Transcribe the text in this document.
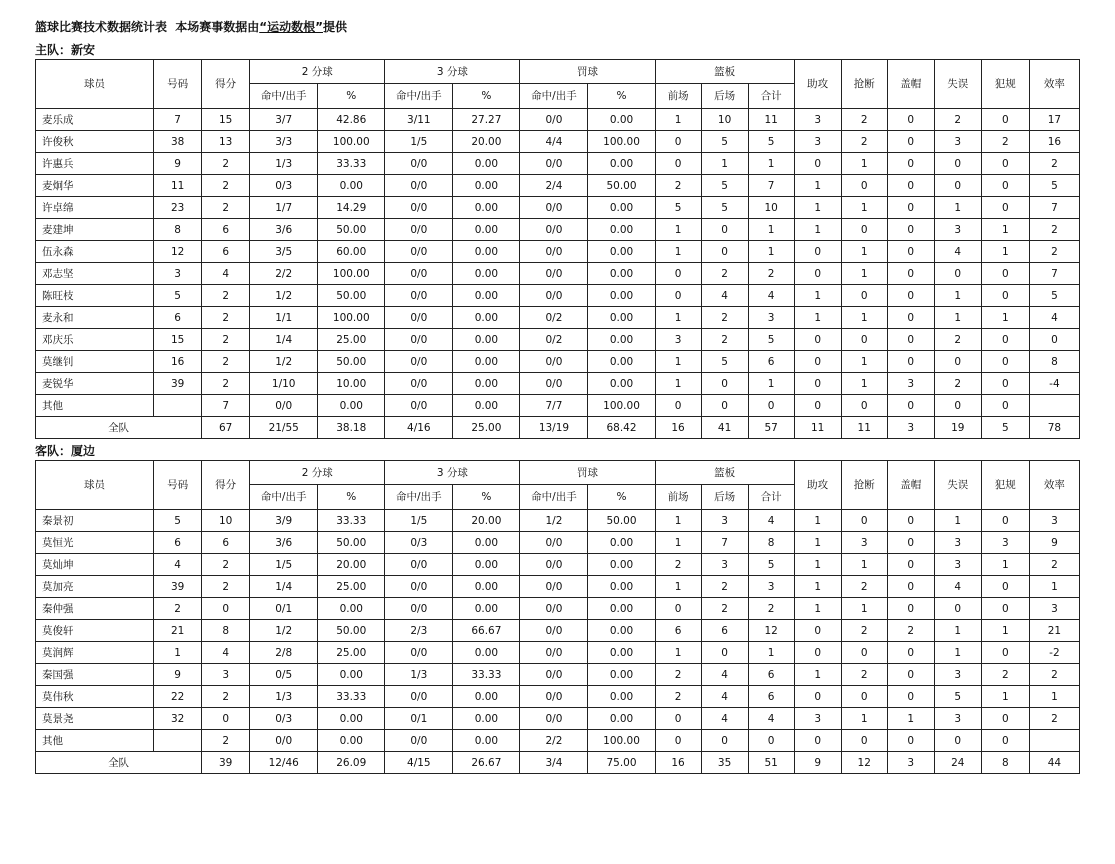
篮球比赛技术数据统计表 本场赛事数据由“运动数根”提供
主队：新安
球员	号码	得分	2 分球		3 分球		罚球		篮板			助攻	抢断	盖帽	失误	犯规	效率
			命中/出手	%	命中/出手	%	命中/出手	%	前场	后场	合计						
麦乐成	7	15	3/7	42.86	3/11	27.27	0/0	0.00	1	10	11	3	2	0	2	0	17
许俊秋	38	13	3/3	100.00	1/5	20.00	4/4	100.00	0	5	5	3	2	0	3	2	16
许惠兵	9	2	1/3	33.33	0/0	0.00	0/0	0.00	0	1	1	0	1	0	0	0	2
麦炯华	11	2	0/3	0.00	0/0	0.00	2/4	50.00	2	5	7	1	0	0	0	0	5
许卓绵	23	2	1/7	14.29	0/0	0.00	0/0	0.00	5	5	10	1	1	0	1	0	7
麦建坤	8	6	3/6	50.00	0/0	0.00	0/0	0.00	1	0	1	1	0	0	3	1	2
伍永森	12	6	3/5	60.00	0/0	0.00	0/0	0.00	1	0	1	0	1	0	4	1	2
邓志坚	3	4	2/2	100.00	0/0	0.00	0/0	0.00	0	2	2	0	1	0	0	0	7
陈旺枝	5	2	1/2	50.00	0/0	0.00	0/0	0.00	0	4	4	1	0	0	1	0	5
麦永和	6	2	1/1	100.00	0/0	0.00	0/2	0.00	1	2	3	1	1	0	1	1	4
邓庆乐	15	2	1/4	25.00	0/0	0.00	0/2	0.00	3	2	5	0	0	0	2	0	0
莫继钊	16	2	1/2	50.00	0/0	0.00	0/0	0.00	1	5	6	0	1	0	0	0	8
麦锐华	39	2	1/10	10.00	0/0	0.00	0/0	0.00	1	0	1	0	1	3	2	0	-4
其他		7	0/0	0.00	0/0	0.00	7/7	100.00	0	0	0	0	0	0	0	0	
全队		67	21/55	38.18	4/16	25.00	13/19	68.42	16	41	57	11	11	3	19	5	78
客队：厦边
球员	号码	得分	2 分球		3 分球		罚球		篮板			助攻	抢断	盖帽	失误	犯规	效率
			命中/出手	%	命中/出手	%	命中/出手	%	前场	后场	合计						
秦景初	5	10	3/9	33.33	1/5	20.00	1/2	50.00	1	3	4	1	0	0	1	0	3
莫恒光	6	6	3/6	50.00	0/3	0.00	0/0	0.00	1	7	8	1	3	0	3	3	9
莫灿坤	4	2	1/5	20.00	0/0	0.00	0/0	0.00	2	3	5	1	1	0	3	1	2
莫加亮	39	2	1/4	25.00	0/0	0.00	0/0	0.00	1	2	3	1	2	0	4	0	1
秦仲强	2	0	0/1	0.00	0/0	0.00	0/0	0.00	0	2	2	1	1	0	0	0	3
莫俊轩	21	8	1/2	50.00	2/3	66.67	0/0	0.00	6	6	12	0	2	2	1	1	21
莫润辉	1	4	2/8	25.00	0/0	0.00	0/0	0.00	1	0	1	0	0	0	1	0	-2
秦国强	9	3	0/5	0.00	1/3	33.33	0/0	0.00	2	4	6	1	2	0	3	2	2
莫伟秋	22	2	1/3	33.33	0/0	0.00	0/0	0.00	2	4	6	0	0	0	5	1	1
莫景尧	32	0	0/3	0.00	0/1	0.00	0/0	0.00	0	4	4	3	1	1	3	0	2
其他		2	0/0	0.00	0/0	0.00	2/2	100.00	0	0	0	0	0	0	0	0	
全队		39	12/46	26.09	4/15	26.67	3/4	75.00	16	35	51	9	12	3	24	8	44
